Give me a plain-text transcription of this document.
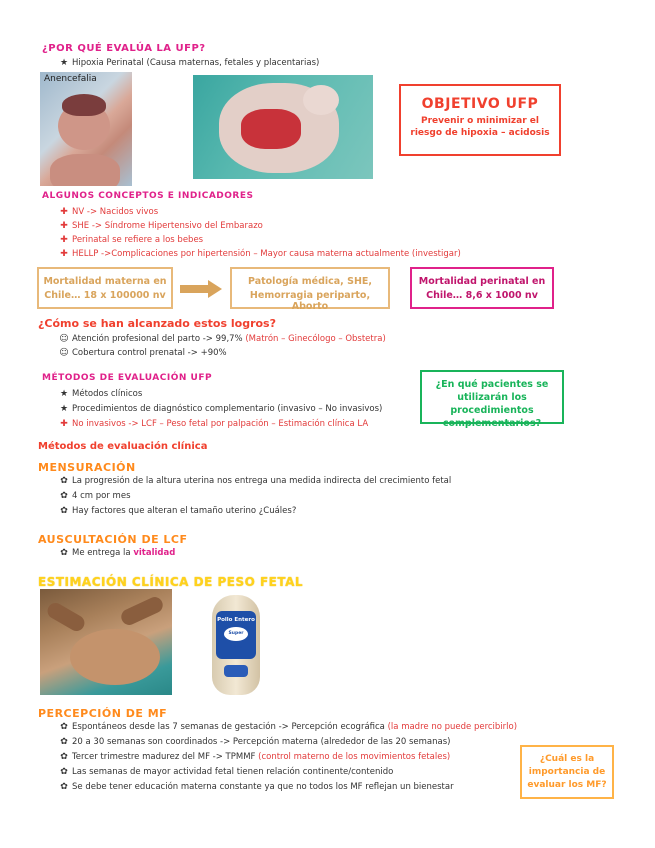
¿POR QUÉ EVALÚA LA UFP?
★ Hipoxia Perinatal (Causa maternas, fetales y placentarias)
Anencefalia
OBJETIVO UFP
Prevenir o minimizar el
riesgo de hipoxia – acidosis
ALGUNOS CONCEPTOS E INDICADORES
✚ NV -> Nacidos vivos
✚ SHE -> Síndrome Hipertensivo del Embarazo
✚ Perinatal se refiere a los bebes
✚ HELLP ->Complicaciones por hipertensión – Mayor causa materna actualmente (investigar)
Mortalidad materna en
Chile… 18 x 100000 nv
Patología médica, SHE,
Hemorragia periparto, Aborto
Mortalidad perinatal en
Chile… 8,6 x 1000 nv
¿Cómo se han alcanzado estos logros?
☺ Atención profesional del parto -> 99,7% (Matrón – Ginecólogo – Obstetra)
☺ Cobertura control prenatal -> +90%
MÉTODOS DE EVALUACIÓN UFP
★ Métodos clínicos
★ Procedimientos de diagnóstico complementario (invasivo – No invasivos)
✚ No invasivos -> LCF – Peso fetal por palpación – Estimación clínica LA
¿En qué pacientes se
utilizarán los procedimientos
complementarios?
Métodos de evaluación clínica
MENSURACIÓN
✿ La progresión de la altura uterina nos entrega una medida indirecta del crecimiento fetal
✿ 4 cm por mes
✿ Hay factores que alteran el tamaño uterino ¿Cuáles?
AUSCULTACIÓN DE LCF
✿ Me entrega la vitalidad
ESTIMACIÓN CLÍNICA DE PESO FETAL
Pollo Entero
Super Pollo
PERCEPCIÓN DE MF
✿ Espontáneos desde las 7 semanas de gestación -> Percepción ecográfica (la madre no puede percibirlo)
✿ 20 a 30 semanas son coordinados -> Percepción materna (alrededor de las 20 semanas)
✿ Tercer trimestre madurez del MF -> TPMMF (control materno de los movimientos fetales)
✿ Las semanas de mayor actividad fetal tienen relación continente/contenido
✿ Se debe tener educación materna constante ya que no todos los MF reflejan un bienestar
¿Cuál es la
importancia de
evaluar los MF?
